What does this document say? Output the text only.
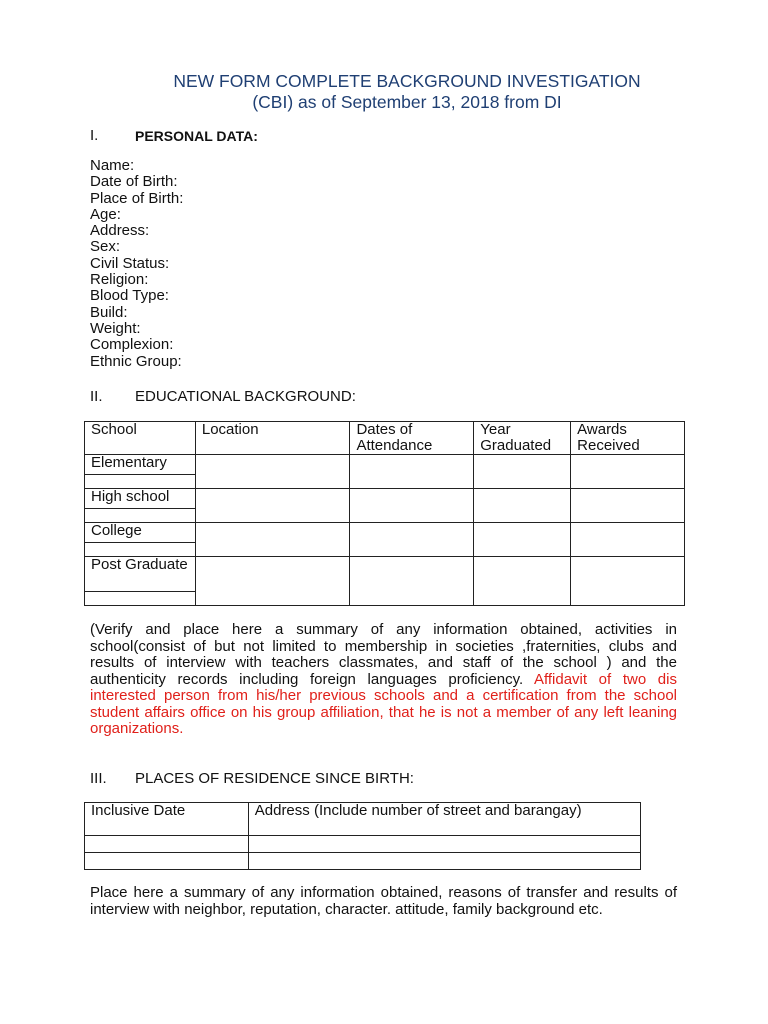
NEW FORM COMPLETE BACKGROUND INVESTIGATION
(CBI) as of September 13, 2018 from DI
I.	PERSONAL DATA:
Name:
Date of Birth:
Place of Birth:
Age:
Address:
Sex:
Civil Status:
Religion:
Blood Type:
Build:
Weight:
Complexion:
Ethnic Group:
II. EDUCATIONAL BACKGROUND:
School	Location	Dates of Attendance	Year Graduated	Awards Received
Elementary				

High school				

College				

Post Graduate				

(Verify and place here a summary of any information obtained, activities in school(consist of but not limited to membership in societies ,fraternities, clubs and results of interview with teachers classmates, and staff of the school ) and the authenticity records including foreign languages proficiency. Affidavit of two dis interested person from his/her previous schools and a certification from the school student affairs office on his group affiliation, that he is not a member of any left leaning organizations.
III. PLACES OF RESIDENCE SINCE BIRTH:
Inclusive Date	Address (Include number of street and barangay)

Place here a summary of any information obtained, reasons of transfer and results of interview with neighbor, reputation, character. attitude, family background etc.
